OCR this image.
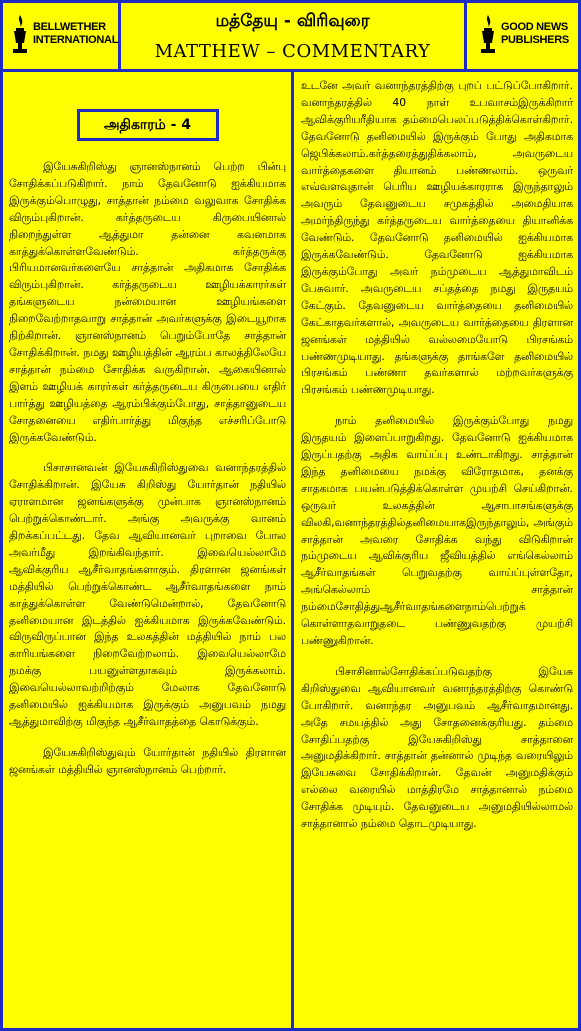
BELLWETHER
INTERNATIONAL
மத்தேயு - விரிவுரை
MATTHEW – COMMENTARY
GOOD NEWS
PUBLISHERS
அதிகாரம் - 4

இயேசுகிறிஸ்து ஞானஸ்நானம் பெற்ற பின்பு சோதிக்கப்படுகிறார். நாம் தேவனோடு ஐக்கியமாக இருக்கும்பொழுது, சாத்தான் நம்மை வலுவாக சோதிக்க விரும்புகிறான். கர்த்தருடைய கிருபையினால் நிறைந்துள்ள ஆத்துமா தன்னை கவனமாக காத்துக்கொள்ளவேண்டும். கர்த்தருக்கு பிரியமானவர்களையே சாத்தான் அதிகமாக சோதிக்க விரும்புகிறான். கர்த்தருடைய ஊழியக்காரர்கள் தங்களுடைய நன்மையான ஊழியங்களை நிறைவேற்றாதவாறு சாத்தான் அவர்களுக்கு இடையூறாக நிற்கிறான். ஞானஸ்நானம் பெறும்போதே சாத்தான் சோதிக்கிறான். நமது ஊழியத்தின் ஆரம்ப காலத்திலேயே சாத்தான் நம்மை சோதிக்க வருகிறான். ஆகையினால் இளம் ஊழியக் காரர்கள் கர்த்தருடைய கிருபையை எதிர் பார்த்து ஊழியத்தை ஆரம்பிக்கும்போது, சாத்தானுடைய சோதனையை எதிர்பார்த்து மிகுந்த எச்சரிப்போடு இருக்கவேண்டும்.

பிசாசானவன் இயேசுகிறிஸ்துவை வனாந்தரத்தில் சோதிக்கிறான். இயேசு கிறிஸ்து யோர்தான் நதியில் ஏராளமான ஜனங்களுக்கு முன்பாக ஞானஸ்நானம் பெற்றுக்கொண்டார். அங்கு அவருக்கு வானம் திறக்கப்பட்டது. தேவ ஆவியானவர் புறாவை போல அவர்மீது இறங்கிவந்தார். இவையெல்லாமே ஆவிக்குரிய ஆசீர்வாதங்களாகும். திரளான ஜனங்கள் மத்தியில் பெற்றுக்கொண்ட ஆசீர்வாதங்களை நாம் காத்துக்கொள்ள வேண்டுமென்றால், தேவனோடு தனிமையான இடத்தில் ஐக்கியமாக இருக்கவேண்டும். விருவிருப்பான இந்த உலகத்தின் மத்தியில் நாம் பல காரியங்களை நிறைவேற்றலாம். இவையெல்லாமே நமக்கு பயனுள்ளதாகவும் இருக்கலாம். இவையெல்லாவற்றிற்கும் மேலாக தேவனோடு தனிமையில் ஐக்கியமாக இருக்கும் அனுபவம் நமது ஆத்துமாவிற்கு மிகுந்த ஆசீர்வாதத்தை கொடுக்கும்.

இயேசுகிறிஸ்துவும் யோர்தான் நதியில் திரளான ஜனங்கள் மத்தியில் ஞானஸ்நானம் பெற்றார்.

உடனே அவர் வனாந்தரத்திற்கு புறப் பட்டுப்போகிறார். வனாந்தரத்தில் 40 நாள் உபவாசம்இருக்கிறார் ஆவிக்குரியரீதியாக தம்மைபெலப்படுத்திக்கொள்கிறார். தேவனோடு தனிமையில் இருக்கும் போது அதிகமாக ஜெபிக்கலாம்.கர்த்தரைத்துதிக்கலாம், அவருடைய வார்த்தைகளை தியானம் பண்ணலாம். ஒருவர் எவ்வளவுதான் பெரிய ஊழியக்காரராக இருந்தாலும் அவரும் தேவனுடைய சமுகத்தில் அமைதியாக அமர்ந்திருந்து கர்த்தருடைய வார்த்தையை தியானிக்க வேண்டும். தேவனோடு தனிமையில் ஐக்கியமாக இருக்கவேண்டும். தேவனோடு ஐக்கியமாக இருக்கும்போது அவர் நம்முடைய ஆத்துமாவிடம் பேசுவார். அவருடைய சப்தத்தை நமது இருதயம் கேட்கும். தேவனுடைய வார்த்தையை தனிமையில் கேட்காதவர்களால், அவருடைய வார்த்தையை திரளான ஜனங்கள் மத்தியில் வல்லமையோடு பிரசங்கம் பண்ணமுடியாது. தங்களுக்கு தாங்களே தனிமையில் பிரசங்கம் பண்ணா தவர்களால் மற்றவர்களுக்கு பிரசங்கம் பண்ணமுடியாது.

நாம் தனிமையில் இருக்கும்போது நமது இருதயம் இளைப்பாறுகிறது. தேவனோடு ஐக்கியமாக இருப்பதற்கு அதிக வாய்ப்பு உண்டாகிறது. சாத்தான் இந்த தனிமையை நமக்கு விரோதமாக, தனக்கு சாதகமாக பயன்படுத்திக்கொள்ள முயற்சி செய்கிறான். ஒருவர் உலகத்தின் ஆசாபாசங்களுக்கு விலகி,வனாந்தரத்தில்தனிமையாகஇருந்தாலும், அங்கும் சாத்தான் அவரை சோதிக்க வந்து விடுகிறான் நம்முடைய ஆவிக்குரிய ஜீவியத்தில் எங்கெல்லாம் ஆசீர்வாதங்கள் பெறுவதற்கு வாய்ப்புள்ளதோ, அங்கெல்லாம் சாத்தான் நம்மைசோதித்துஆசீர்வாதங்களைநாம்பெற்றுக் கொள்ளாதவாறுதடை பண்ணுவதற்கு முயற்சி பண்ணுகிறான்.

பிசாசினால்சோதிக்கப்படுவதற்கு இயேசு கிறிஸ்துவை ஆவியானவர் வனாந்தரத்திற்கு கொண்டு போகிறார். வனாந்தர அனுபவம் ஆசீர்வாதமானது. அதே சமயத்தில் அது சோதனைக்குரியது. தம்மை சோதிப்பதற்கு இயேசுகிறிஸ்து சாத்தானை அனுமதிக்கிறார். சாத்தான் தன்னால் முடிந்த வரையிலும் இயேசுவை சோதிக்கிறான். தேவன் அனுமதிக்கும் எல்லை வரையில் மாத்திரமே சாத்தானால் நம்மை சோதிக்க முடியும். தேவனுடைய அனுமதியில்லாமல் சாத்தானால் நம்மை தொடமுடியாது.
